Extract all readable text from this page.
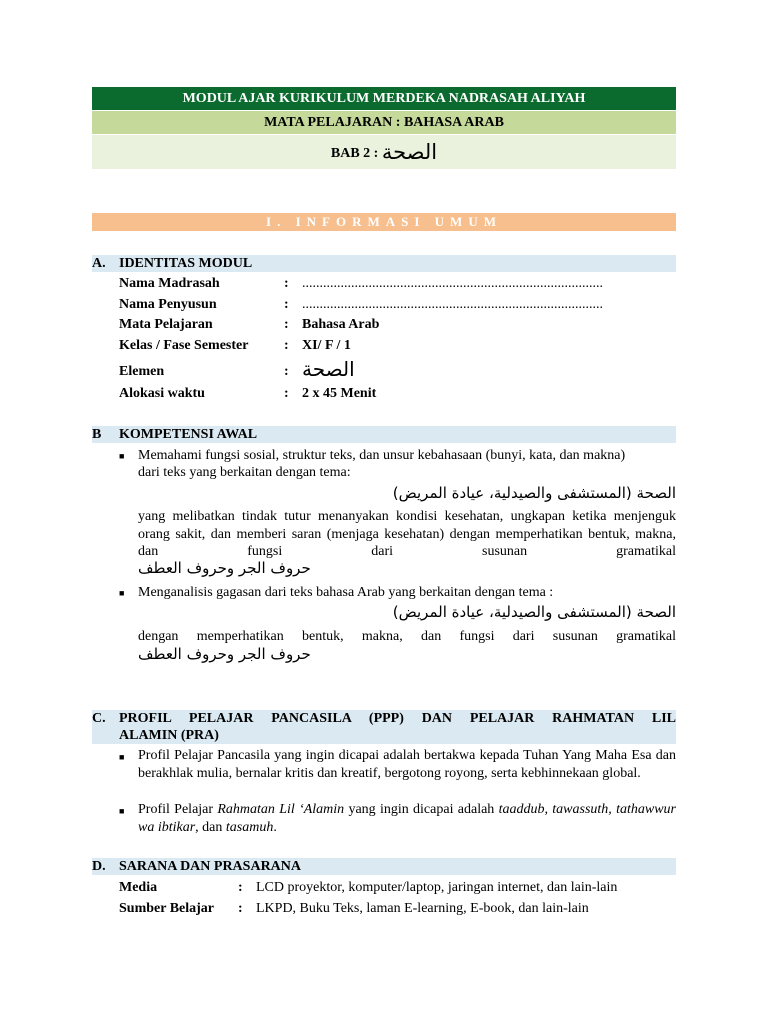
MODUL AJAR KURIKULUM MERDEKA NADRASAH ALIYAH
MATA PELAJARAN : BAHASA ARAB
BAB 2 : الصحة
I. INFORMASI UMUM
A. IDENTITAS MODUL
Nama Madrasah	: ......................................................................................
Nama Penyusun	: ......................................................................................
Mata Pelajaran	: Bahasa Arab
Kelas / Fase Semester	: XI/ F / 1
Elemen	: الصحة
Alokasi waktu	: 2 x 45 Menit
B KOMPETENSI AWAL
■ Memahami fungsi sosial, struktur teks, dan unsur kebahasaan (bunyi, kata, dan makna)
dari teks yang berkaitan dengan tema:
الصحة (المستشفى والصيدلية، عيادة المريض)
yang melibatkan tindak tutur menanyakan kondisi kesehatan, ungkapan ketika menjenguk orang sakit, dan memberi saran (menjaga kesehatan) dengan memperhatikan bentuk, makna, dan fungsi dari susunan gramatikal
حروف الجر وحروف العطف
■ Menganalisis gagasan dari teks bahasa Arab yang berkaitan dengan tema :
الصحة (المستشفى والصيدلية، عيادة المريض)
dengan memperhatikan bentuk, makna, dan fungsi dari susunan gramatikal
حروف الجر وحروف العطف
C. PROFIL PELAJAR PANCASILA (PPP) DAN PELAJAR RAHMATAN LIL
ALAMIN (PRA)
■ Profil Pelajar Pancasila yang ingin dicapai adalah bertakwa kepada Tuhan Yang Maha Esa dan berakhlak mulia, bernalar kritis dan kreatif, bergotong royong, serta kebhinnekaan global.
■ Profil Pelajar Rahmatan Lil ‘Alamin yang ingin dicapai adalah taaddub, tawassuth, tathawwur wa ibtikar, dan tasamuh.
D. SARANA DAN PRASARANA
Media	: LCD proyektor, komputer/laptop, jaringan internet, dan lain-lain
Sumber Belajar : LKPD, Buku Teks, laman E-learning, E-book, dan lain-lain
